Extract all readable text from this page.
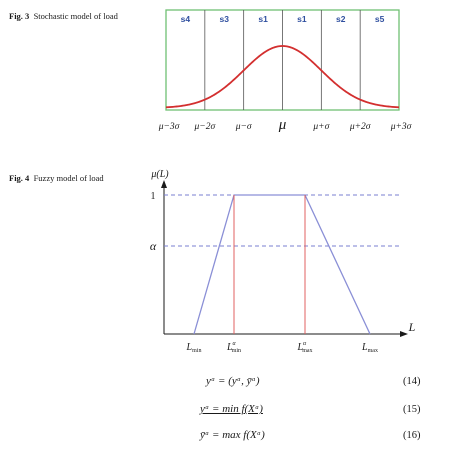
Fig. 3 Stochastic model of load
Fig. 4 Fuzzy model of load
s4	s3	s1	s1	s2	s5
μ−3σ μ−2σ μ−σ μ	μ+σ μ+2σ μ+3σ
μ(L)
1
α
L
$L_{min}$	$L^\alpha$ min	$L^\alpha$ max	$L_{max}$
yᵅ = (yᵅ, ȳᵅ)	(14)
yᵅ = min f(Xᵅ)	(15)
ȳᵅ = max f(Xᵅ)	(16)
